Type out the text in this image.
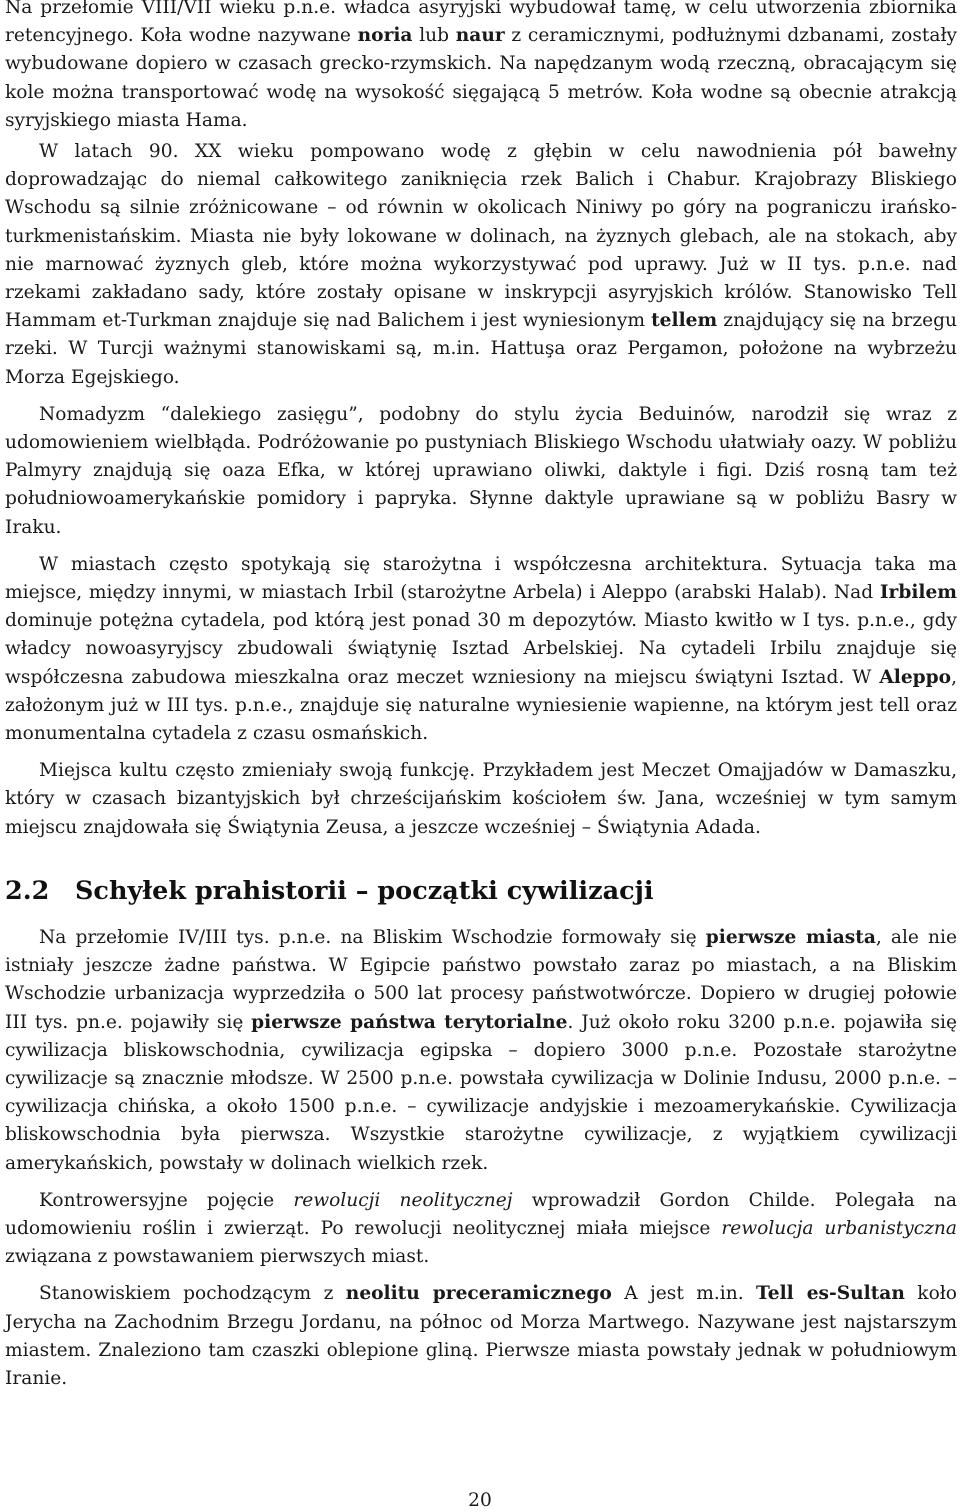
Na przełomie VIII/VII wieku p.n.e. władca asyryjski wybudował tamę, w celu utworzenia zbiornika retencyjnego. Koła wodne nazywane noria lub naur z ceramicznymi, podłużnymi dzbanami, zostały wybudowane dopiero w czasach grecko-rzymskich. Na napędzanym wodą rzeczną, obracającym się kole można transportować wodę na wysokość sięgającą 5 metrów. Koła wodne są obecnie atrakcją syryjskiego miasta Hama.

W latach 90. XX wieku pompowano wodę z głębin w celu nawodnienia pół bawełny doprowadzając do niemal całkowitego zaniknięcia rzek Balich i Chabur. Krajobrazy Bliskiego Wschodu są silnie zróżnicowane – od równin w okolicach Niniwy po góry na pograniczu irańsko-turkmenistańskim. Miasta nie były lokowane w dolinach, na żyznych glebach, ale na stokach, aby nie marnować żyznych gleb, które można wykorzystywać pod uprawy. Już w II tys. p.n.e. nad rzekami zakładano sady, które zostały opisane w inskrypcji asyryjskich królów. Stanowisko Tell Hammam et-Turkman znajduje się nad Balichem i jest wyniesionym tellem znajdujący się na brzegu rzeki. W Turcji ważnymi stanowiskami są, m.in. Hattuşa oraz Pergamon, położone na wybrzeżu Morza Egejskiego.

Nomadyzm “dalekiego zasięgu”, podobny do stylu życia Beduinów, narodził się wraz z udomowieniem wielbłąda. Podróżowanie po pustyniach Bliskiego Wschodu ułatwiały oazy. W pobliżu Palmyry znajdują się oaza Efka, w której uprawiano oliwki, daktyle i figi. Dziś rosną tam też południowoamerykańskie pomidory i papryka. Słynne daktyle uprawiane są w pobliżu Basry w Iraku.

W miastach często spotykają się starożytna i współczesna architektura. Sytuacja taka ma miejsce, między innymi, w miastach Irbil (starożytne Arbela) i Aleppo (arabski Halab). Nad Irbilem dominuje potężna cytadela, pod którą jest ponad 30 m depozytów. Miasto kwitło w I tys. p.n.e., gdy władcy nowoasyryjscy zbudowali świątynię Isztad Arbelskiej. Na cytadeli Irbilu znajduje się współczesna zabudowa mieszkalna oraz meczet wzniesiony na miejscu świątyni Isztad. W Aleppo, założonym już w III tys. p.n.e., znajduje się naturalne wyniesienie wapienne, na którym jest tell oraz monumentalna cytadela z czasu osmańskich.

Miejsca kultu często zmieniały swoją funkcję. Przykładem jest Meczet Omajjadów w Damaszku, który w czasach bizantyjskich był chrześcijańskim kościołem św. Jana, wcześniej w tym samym miejscu znajdowała się Świątynia Zeusa, a jeszcze wcześniej – Świątynia Adada.

2.2 Schyłek prahistorii – początki cywilizacji

Na przełomie IV/III tys. p.n.e. na Bliskim Wschodzie formowały się pierwsze miasta, ale nie istniały jeszcze żadne państwa. W Egipcie państwo powstało zaraz po miastach, a na Bliskim Wschodzie urbanizacja wyprzedziła o 500 lat procesy państwotwórcze. Dopiero w drugiej połowie III tys. pn.e. pojawiły się pierwsze państwa terytorialne. Już około roku 3200 p.n.e. pojawiła się cywilizacja bliskowschodnia, cywilizacja egipska – dopiero 3000 p.n.e. Pozostałe starożytne cywilizacje są znacznie młodsze. W 2500 p.n.e. powstała cywilizacja w Dolinie Indusu, 2000 p.n.e. – cywilizacja chińska, a około 1500 p.n.e. – cywilizacje andyjskie i mezoamerykańskie. Cywilizacja bliskowschodnia była pierwsza. Wszystkie starożytne cywilizacje, z wyjątkiem cywilizacji amerykańskich, powstały w dolinach wielkich rzek.

Kontrowersyjne pojęcie rewolucji neolitycznej wprowadził Gordon Childe. Polegała na udomowieniu roślin i zwierząt. Po rewolucji neolitycznej miała miejsce rewolucja urbanistyczna związana z powstawaniem pierwszych miast.

Stanowiskiem pochodzącym z neolitu preceramicznego A jest m.in. Tell es-Sultan koło Jerycha na Zachodnim Brzegu Jordanu, na północ od Morza Martwego. Nazywane jest najstarszym miastem. Znaleziono tam czaszki oblepione gliną. Pierwsze miasta powstały jednak w południowym Iranie.

20
